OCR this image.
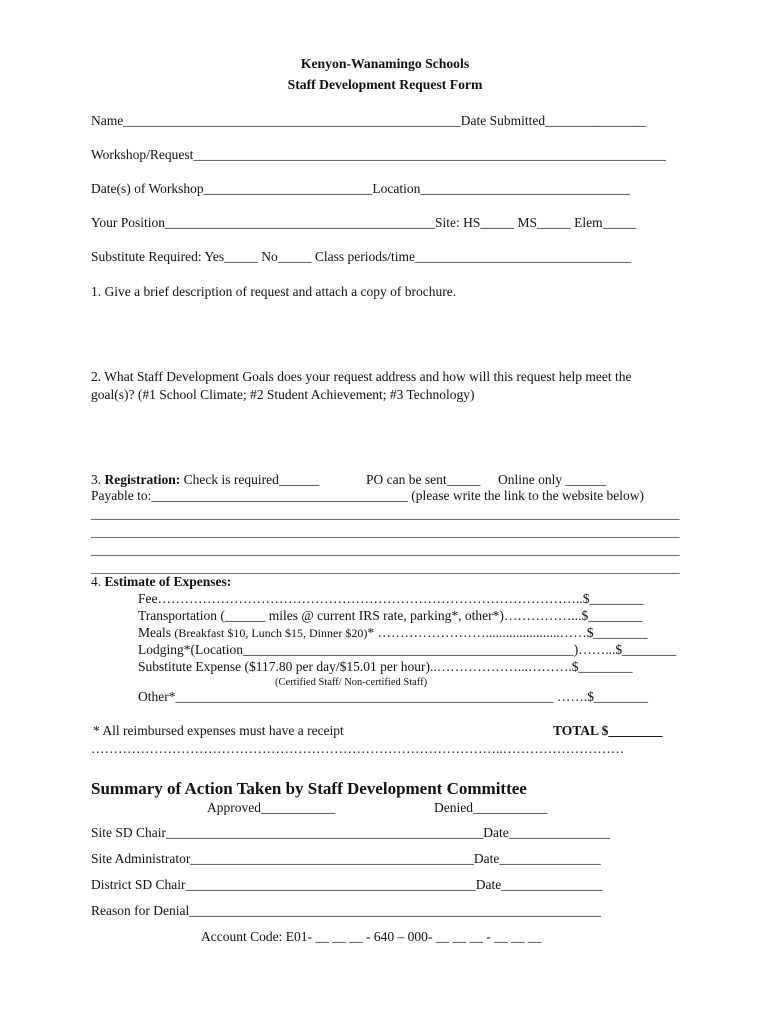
Kenyon-Wanamingo Schools
Staff Development Request Form
Name__________________________________________________Date Submitted_______________
Workshop/Request______________________________________________________________________
Date(s) of Workshop_________________________Location_______________________________
Your Position________________________________________Site: HS_____ MS_____ Elem_____
Substitute Required: Yes_____ No_____ Class periods/time________________________________
1. Give a brief description of request and attach a copy of brochure.
2. What Staff Development Goals does your request address and how will this request help meet the
goal(s)? (#1 School Climate; #2 Student Achievement; #3 Technology)
3. Registration: Check is required______	PO can be sent_____ Online only ______
Payable to:______________________________________ (please write the link to the website below)
__________________________________________________________________________________________
__________________________________________________________________________________________
__________________________________________________________________________________________
__________________________________________________________________________________________
4. Estimate of Expenses:
Fee…………………………………………………………………………………..$________
Transportation (______ miles @ current IRS rate, parking*, other*)……………...$________
Meals (Breakfast $10, Lunch $15, Dinner $20)* ……………………......................……$________
Lodging*(Location_________________________________________________)……...$________
Substitute Expense ($117.80 per day/$15.01 per hour)..………………...……….$________
(Certified Staff/ Non-certified Staff)
Other*________________________________________________________ …….$________
* All reimbursed expenses must have a receipt	TOTAL $________
………………………………………………………………………………..………………………
Summary of Action Taken by Staff Development Committee
Approved___________	Denied___________
Site SD Chair_______________________________________________Date_______________
Site Administrator__________________________________________Date_______________
District SD Chair___________________________________________Date_______________
Reason for Denial_____________________________________________________________
Account Code: E01- __ __ __ - 640 – 000- __ __ __ - __ __ __
